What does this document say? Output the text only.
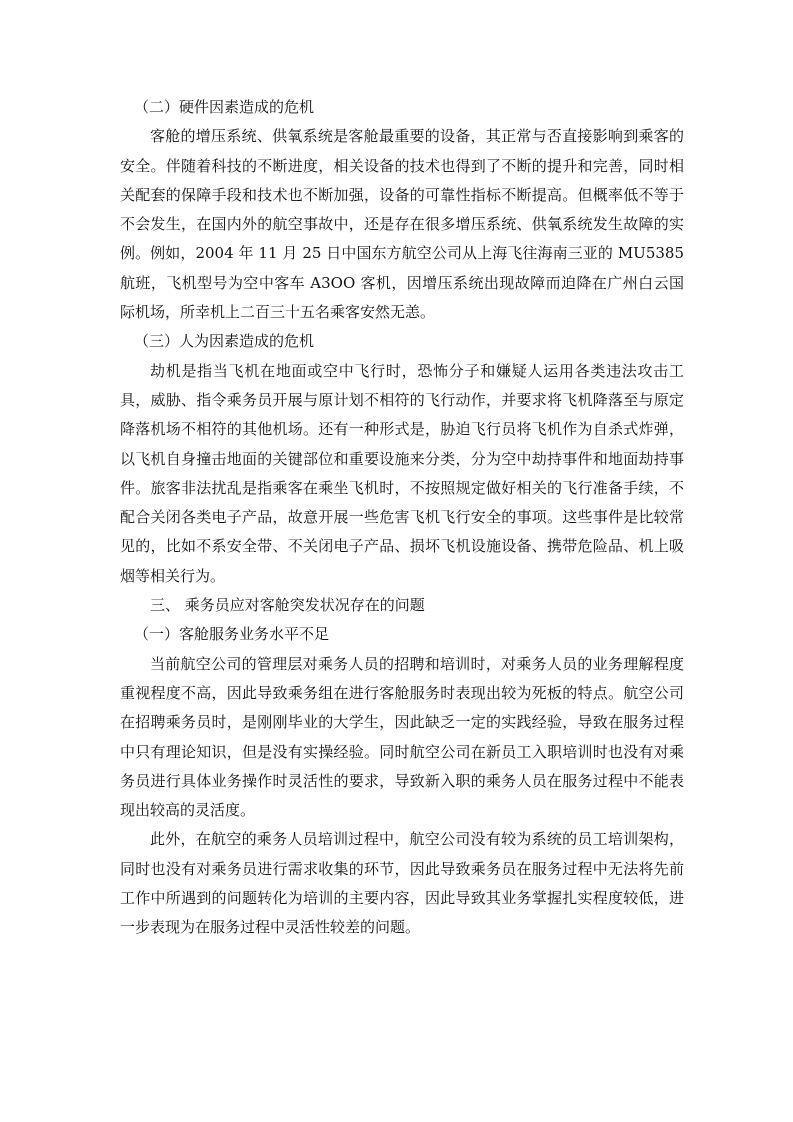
（二）硬件因素造成的危机

客舱的增压系统、供氧系统是客舱最重要的设备，其正常与否直接影响到乘客的安全。伴随着科技的不断进度，相关设备的技术也得到了不断的提升和完善，同时相关配套的保障手段和技术也不断加强，设备的可靠性指标不断提高。但概率低不等于不会发生，在国内外的航空事故中，还是存在很多增压系统、供氧系统发生故障的实例。例如，2004 年 11 月 25 日中国东方航空公司从上海飞往海南三亚的 MU5385 航班，飞机型号为空中客车 A3OO 客机，因增压系统出现故障而迫降在广州白云国际机场，所幸机上二百三十五名乘客安然无恙。

（三）人为因素造成的危机

劫机是指当飞机在地面或空中飞行时，恐怖分子和嫌疑人运用各类违法攻击工具，威胁、指令乘务员开展与原计划不相符的飞行动作，并要求将飞机降落至与原定降落机场不相符的其他机场。还有一种形式是，胁迫飞行员将飞机作为自杀式炸弹，以飞机自身撞击地面的关键部位和重要设施来分类，分为空中劫持事件和地面劫持事件。旅客非法扰乱是指乘客在乘坐飞机时，不按照规定做好相关的飞行准备手续，不配合关闭各类电子产品，故意开展一些危害飞机飞行安全的事项。这些事件是比较常见的，比如不系安全带、不关闭电子产品、损坏飞机设施设备、携带危险品、机上吸烟等相关行为。

三、 乘务员应对客舱突发状况存在的问题

（一）客舱服务业务水平不足

当前航空公司的管理层对乘务人员的招聘和培训时，对乘务人员的业务理解程度重视程度不高，因此导致乘务组在进行客舱服务时表现出较为死板的特点。航空公司在招聘乘务员时，是刚刚毕业的大学生，因此缺乏一定的实践经验，导致在服务过程中只有理论知识，但是没有实操经验。同时航空公司在新员工入职培训时也没有对乘务员进行具体业务操作时灵活性的要求，导致新入职的乘务人员在服务过程中不能表现出较高的灵活度。

此外，在航空的乘务人员培训过程中，航空公司没有较为系统的员工培训架构，同时也没有对乘务员进行需求收集的环节，因此导致乘务员在服务过程中无法将先前工作中所遇到的问题转化为培训的主要内容，因此导致其业务掌握扎实程度较低，进一步表现为在服务过程中灵活性较差的问题。
